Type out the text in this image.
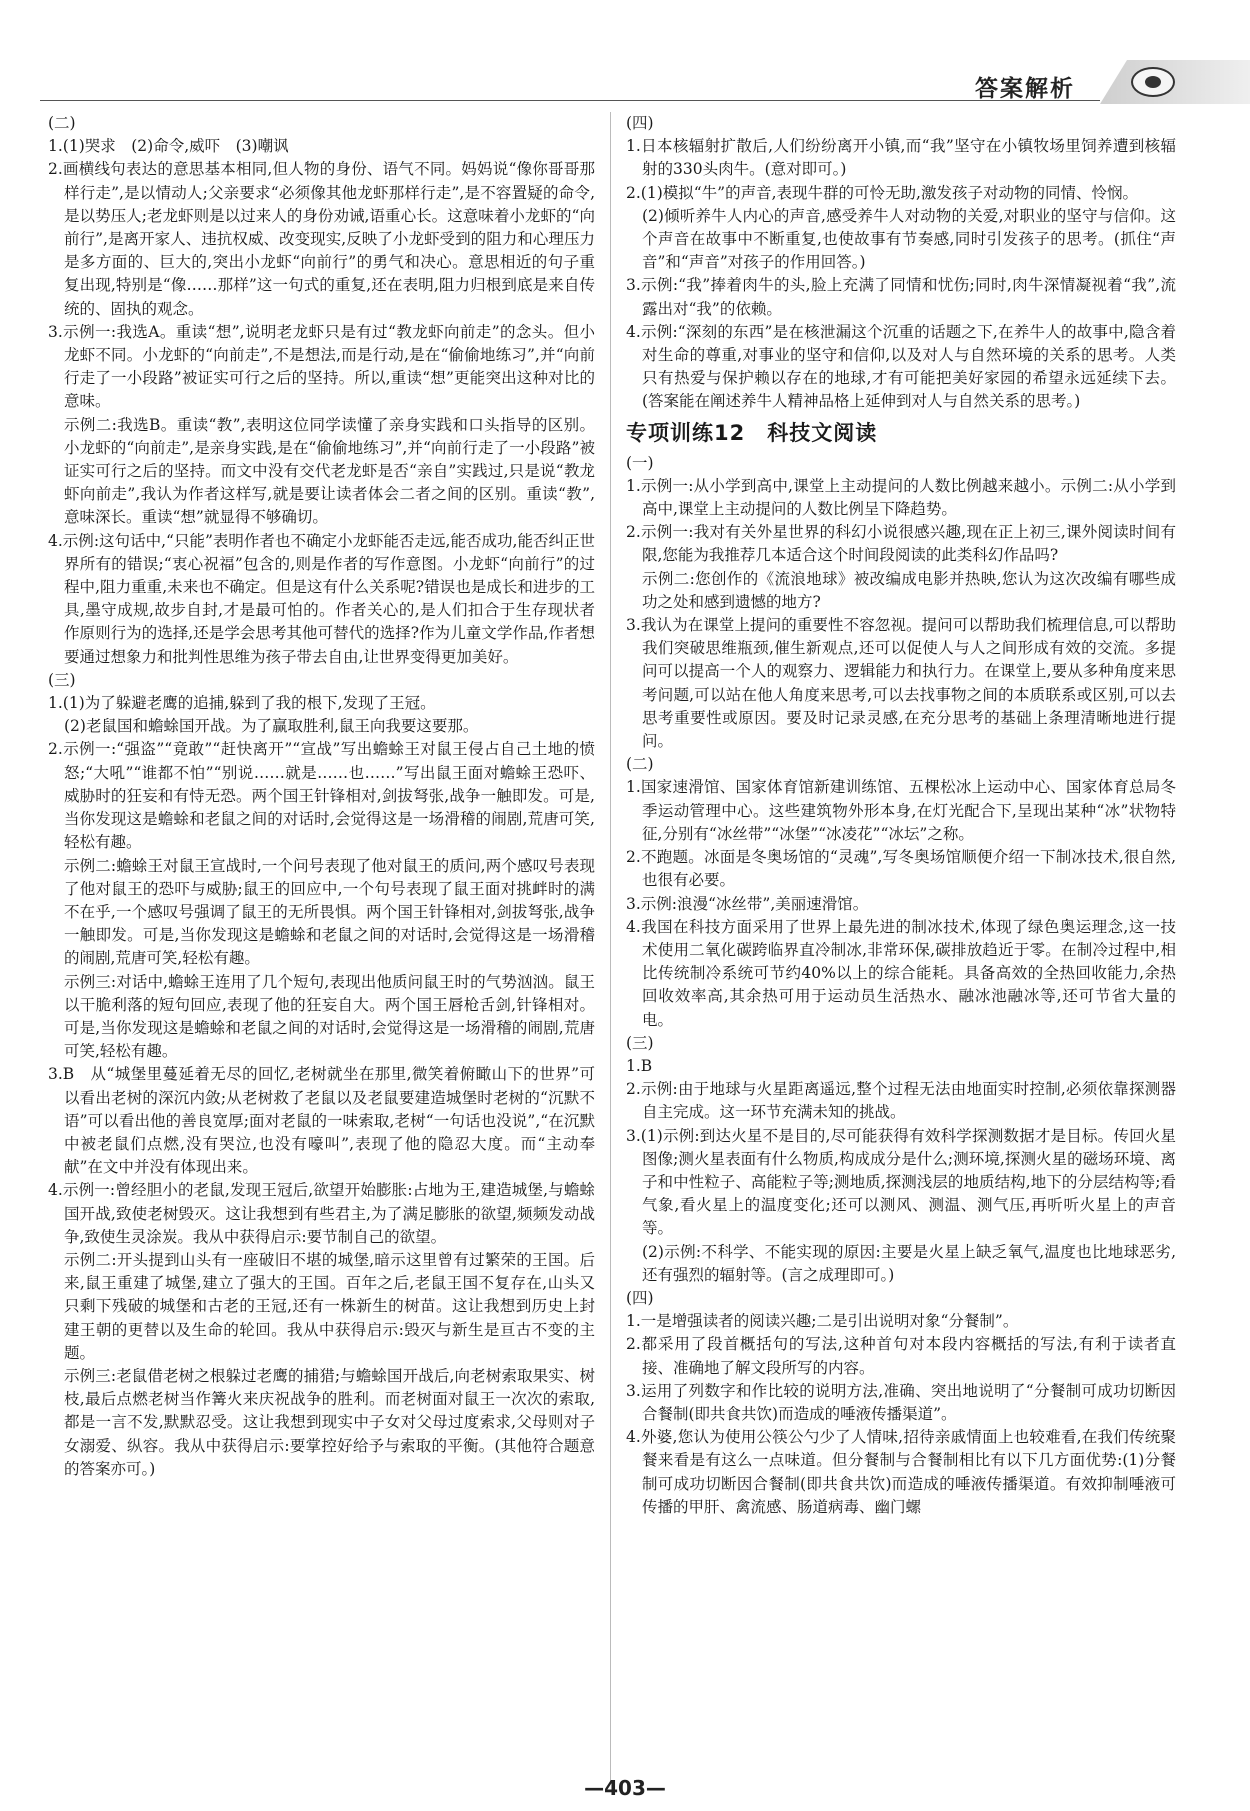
答案解析

(二)

1.(1)哭求　(2)命令,威吓　(3)嘲讽

2.画横线句表达的意思基本相同,但人物的身份、语气不同。妈妈说“像你哥哥那样行走”,是以情动人;父亲要求“必须像其他龙虾那样行走”,是不容置疑的命令,是以势压人;老龙虾则是以过来人的身份劝诫,语重心长。这意味着小龙虾的“向前行”,是离开家人、违抗权威、改变现实,反映了小龙虾受到的阻力和心理压力是多方面的、巨大的,突出小龙虾“向前行”的勇气和决心。意思相近的句子重复出现,特别是“像……那样”这一句式的重复,还在表明,阻力归根到底是来自传统的、固执的观念。

3.示例一:我选A。重读“想”,说明老龙虾只是有过“教龙虾向前走”的念头。但小龙虾不同。小龙虾的“向前走”,不是想法,而是行动,是在“偷偷地练习”,并“向前行走了一小段路”被证实可行之后的坚持。所以,重读“想”更能突出这种对比的意味。

示例二:我选B。重读“教”,表明这位同学读懂了亲身实践和口头指导的区别。小龙虾的“向前走”,是亲身实践,是在“偷偷地练习”,并“向前行走了一小段路”被证实可行之后的坚持。而文中没有交代老龙虾是否“亲自”实践过,只是说“教龙虾向前走”,我认为作者这样写,就是要让读者体会二者之间的区别。重读“教”,意味深长。重读“想”就显得不够确切。

4.示例:这句话中,“只能”表明作者也不确定小龙虾能否走远,能否成功,能否纠正世界所有的错误;“衷心祝福”包含的,则是作者的写作意图。小龙虾“向前行”的过程中,阻力重重,未来也不确定。但是这有什么关系呢?错误也是成长和进步的工具,墨守成规,故步自封,才是最可怕的。作者关心的,是人们扣合于生存现状者作原则行为的选择,还是学会思考其他可替代的选择?作为儿童文学作品,作者想要通过想象力和批判性思维为孩子带去自由,让世界变得更加美好。

(三)

1.(1)为了躲避老鹰的追捕,躲到了我的根下,发现了王冠。

(2)老鼠国和蟾蜍国开战。为了赢取胜利,鼠王向我要这要那。

2.示例一:“强盗”“竟敢”“赶快离开”“宣战”写出蟾蜍王对鼠王侵占自己土地的愤怒;“大吼”“谁都不怕”“别说……就是……也……”写出鼠王面对蟾蜍王恐吓、威胁时的狂妄和有恃无恐。两个国王针锋相对,剑拔弩张,战争一触即发。可是,当你发现这是蟾蜍和老鼠之间的对话时,会觉得这是一场滑稽的闹剧,荒唐可笑,轻松有趣。

示例二:蟾蜍王对鼠王宣战时,一个问号表现了他对鼠王的质问,两个感叹号表现了他对鼠王的恐吓与威胁;鼠王的回应中,一个句号表现了鼠王面对挑衅时的满不在乎,一个感叹号强调了鼠王的无所畏惧。两个国王针锋相对,剑拔弩张,战争一触即发。可是,当你发现这是蟾蜍和老鼠之间的对话时,会觉得这是一场滑稽的闹剧,荒唐可笑,轻松有趣。

示例三:对话中,蟾蜍王连用了几个短句,表现出他质问鼠王时的气势汹汹。鼠王以干脆利落的短句回应,表现了他的狂妄自大。两个国王唇枪舌剑,针锋相对。可是,当你发现这是蟾蜍和老鼠之间的对话时,会觉得这是一场滑稽的闹剧,荒唐可笑,轻松有趣。

3.B　从“城堡里蔓延着无尽的回忆,老树就坐在那里,微笑着俯瞰山下的世界”可以看出老树的深沉内敛;从老树救了老鼠以及老鼠要建造城堡时老树的“沉默不语”可以看出他的善良宽厚;面对老鼠的一味索取,老树“一句话也没说”,“在沉默中被老鼠们点燃,没有哭泣,也没有嚎叫”,表现了他的隐忍大度。而“主动奉献”在文中并没有体现出来。

4.示例一:曾经胆小的老鼠,发现王冠后,欲望开始膨胀:占地为王,建造城堡,与蟾蜍国开战,致使老树毁灭。这让我想到有些君主,为了满足膨胀的欲望,频频发动战争,致使生灵涂炭。我从中获得启示:要节制自己的欲望。

示例二:开头提到山头有一座破旧不堪的城堡,暗示这里曾有过繁荣的王国。后来,鼠王重建了城堡,建立了强大的王国。百年之后,老鼠王国不复存在,山头又只剩下残破的城堡和古老的王冠,还有一株新生的树苗。这让我想到历史上封建王朝的更替以及生命的轮回。我从中获得启示:毁灭与新生是亘古不变的主题。

示例三:老鼠借老树之根躲过老鹰的捕猎;与蟾蜍国开战后,向老树索取果实、树枝,最后点燃老树当作篝火来庆祝战争的胜利。而老树面对鼠王一次次的索取,都是一言不发,默默忍受。这让我想到现实中子女对父母过度索求,父母则对子女溺爱、纵容。我从中获得启示:要掌控好给予与索取的平衡。(其他符合题意的答案亦可。)

(四)

1.日本核辐射扩散后,人们纷纷离开小镇,而“我”坚守在小镇牧场里饲养遭到核辐射的330头肉牛。(意对即可。)

2.(1)模拟“牛”的声音,表现牛群的可怜无助,激发孩子对动物的同情、怜悯。

(2)倾听养牛人内心的声音,感受养牛人对动物的关爱,对职业的坚守与信仰。这个声音在故事中不断重复,也使故事有节奏感,同时引发孩子的思考。(抓住“声音”和“声音”对孩子的作用回答。)

3.示例:“我”捧着肉牛的头,脸上充满了同情和忧伤;同时,肉牛深情凝视着“我”,流露出对“我”的依赖。

4.示例:“深刻的东西”是在核泄漏这个沉重的话题之下,在养牛人的故事中,隐含着对生命的尊重,对事业的坚守和信仰,以及对人与自然环境的关系的思考。人类只有热爱与保护赖以存在的地球,才有可能把美好家园的希望永远延续下去。(答案能在阐述养牛人精神品格上延伸到对人与自然关系的思考。)

专项训练12　科技文阅读

(一)

1.示例一:从小学到高中,课堂上主动提问的人数比例越来越小。示例二:从小学到高中,课堂上主动提问的人数比例呈下降趋势。

2.示例一:我对有关外星世界的科幻小说很感兴趣,现在正上初三,课外阅读时间有限,您能为我推荐几本适合这个时间段阅读的此类科幻作品吗?

示例二:您创作的《流浪地球》被改编成电影并热映,您认为这次改编有哪些成功之处和感到遗憾的地方?

3.我认为在课堂上提问的重要性不容忽视。提问可以帮助我们梳理信息,可以帮助我们突破思维瓶颈,催生新观点,还可以促使人与人之间形成有效的交流。多提问可以提高一个人的观察力、逻辑能力和执行力。在课堂上,要从多种角度来思考问题,可以站在他人角度来思考,可以去找事物之间的本质联系或区别,可以去思考重要性或原因。要及时记录灵感,在充分思考的基础上条理清晰地进行提问。

(二)

1.国家速滑馆、国家体育馆新建训练馆、五棵松冰上运动中心、国家体育总局冬季运动管理中心。这些建筑物外形本身,在灯光配合下,呈现出某种“冰”状物特征,分别有“冰丝带”“冰堡”“冰凌花”“冰坛”之称。

2.不跑题。冰面是冬奥场馆的“灵魂”,写冬奥场馆顺便介绍一下制冰技术,很自然,也很有必要。

3.示例:浪漫“冰丝带”,美丽速滑馆。

4.我国在科技方面采用了世界上最先进的制冰技术,体现了绿色奥运理念,这一技术使用二氧化碳跨临界直冷制冰,非常环保,碳排放趋近于零。在制冷过程中,相比传统制冷系统可节约40%以上的综合能耗。具备高效的全热回收能力,余热回收效率高,其余热可用于运动员生活热水、融冰池融冰等,还可节省大量的电。

(三)

1.B

2.示例:由于地球与火星距离遥远,整个过程无法由地面实时控制,必须依靠探测器自主完成。这一环节充满未知的挑战。

3.(1)示例:到达火星不是目的,尽可能获得有效科学探测数据才是目标。传回火星图像;测火星表面有什么物质,构成成分是什么;测环境,探测火星的磁场环境、离子和中性粒子、高能粒子等;测地质,探测浅层的地质结构,地下的分层结构等;看气象,看火星上的温度变化;还可以测风、测温、测气压,再听听火星上的声音等。

(2)示例:不科学、不能实现的原因:主要是火星上缺乏氧气,温度也比地球恶劣,还有强烈的辐射等。(言之成理即可。)

(四)

1.一是增强读者的阅读兴趣;二是引出说明对象“分餐制”。

2.都采用了段首概括句的写法,这种首句对本段内容概括的写法,有利于读者直接、准确地了解文段所写的内容。

3.运用了列数字和作比较的说明方法,准确、突出地说明了“分餐制可成功切断因合餐制(即共食共饮)而造成的唾液传播渠道”。

4.外婆,您认为使用公筷公勺少了人情味,招待亲戚情面上也较难看,在我们传统聚餐来看是有这么一点味道。但分餐制与合餐制相比有以下几方面优势:(1)分餐制可成功切断因合餐制(即共食共饮)而造成的唾液传播渠道。有效抑制唾液可传播的甲肝、禽流感、肠道病毒、幽门螺

—403—
